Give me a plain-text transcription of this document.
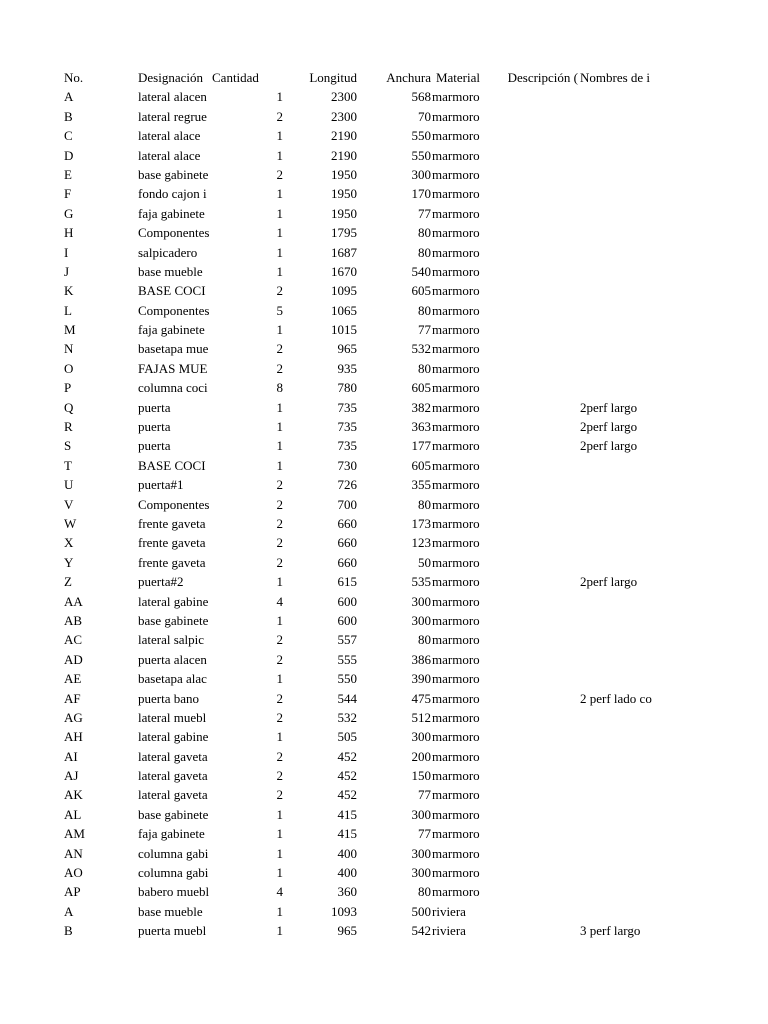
No.	Designación Cantidad	Longitud	Anchura Material Descripción ( Nombres de i
A	lateral alacen	1	2300	568 marmoro
B	lateral regrue	2	2300	70 marmoro
C	lateral alace	1	2190	550 marmoro
D	lateral alace	1	2190	550 marmoro
E	base gabinete	2	1950	300 marmoro
F	fondo cajon i	1	1950	170 marmoro
G	faja gabinete	1	1950	77 marmoro
H	Componentes	1	1795	80 marmoro
I	salpicadero	1	1687	80 marmoro
J	base mueble	1	1670	540 marmoro
K	BASE COCI	2	1095	605 marmoro
L	Componentes	5	1065	80 marmoro
M	faja gabinete	1	1015	77 marmoro
N	basetapa mue	2	965	532 marmoro
O	FAJAS MUE	2	935	80 marmoro
P	columna coci	8	780	605 marmoro
Q	puerta	1	735	382 marmoro	2perf largo
R	puerta	1	735	363 marmoro	2perf largo
S	puerta	1	735	177 marmoro	2perf largo
T	BASE COCI	1	730	605 marmoro
U	puerta#1	2	726	355 marmoro
V	Componentes	2	700	80 marmoro
W	frente gaveta	2	660	173 marmoro
X	frente gaveta	2	660	123 marmoro
Y	frente gaveta	2	660	50 marmoro
Z	puerta#2	1	615	535 marmoro	2perf largo
AA	lateral gabine	4	600	300 marmoro
AB	base gabinete	1	600	300 marmoro
AC	lateral salpic	2	557	80 marmoro
AD	puerta alacen	2	555	386 marmoro
AE	basetapa alac	1	550	390 marmoro
AF	puerta bano	2	544	475 marmoro	2 perf lado co
AG	lateral muebl	2	532	512 marmoro
AH	lateral gabine	1	505	300 marmoro
AI	lateral gaveta	2	452	200 marmoro
AJ	lateral gaveta	2	452	150 marmoro
AK	lateral gaveta	2	452	77 marmoro
AL	base gabinete	1	415	300 marmoro
AM	faja gabinete	1	415	77 marmoro
AN	columna gabi	1	400	300 marmoro
AO	columna gabi	1	400	300 marmoro
AP	babero muebl	4	360	80 marmoro
A	base mueble	1	1093	500 riviera
B	puerta muebl	1	965	542 riviera	3 perf largo
